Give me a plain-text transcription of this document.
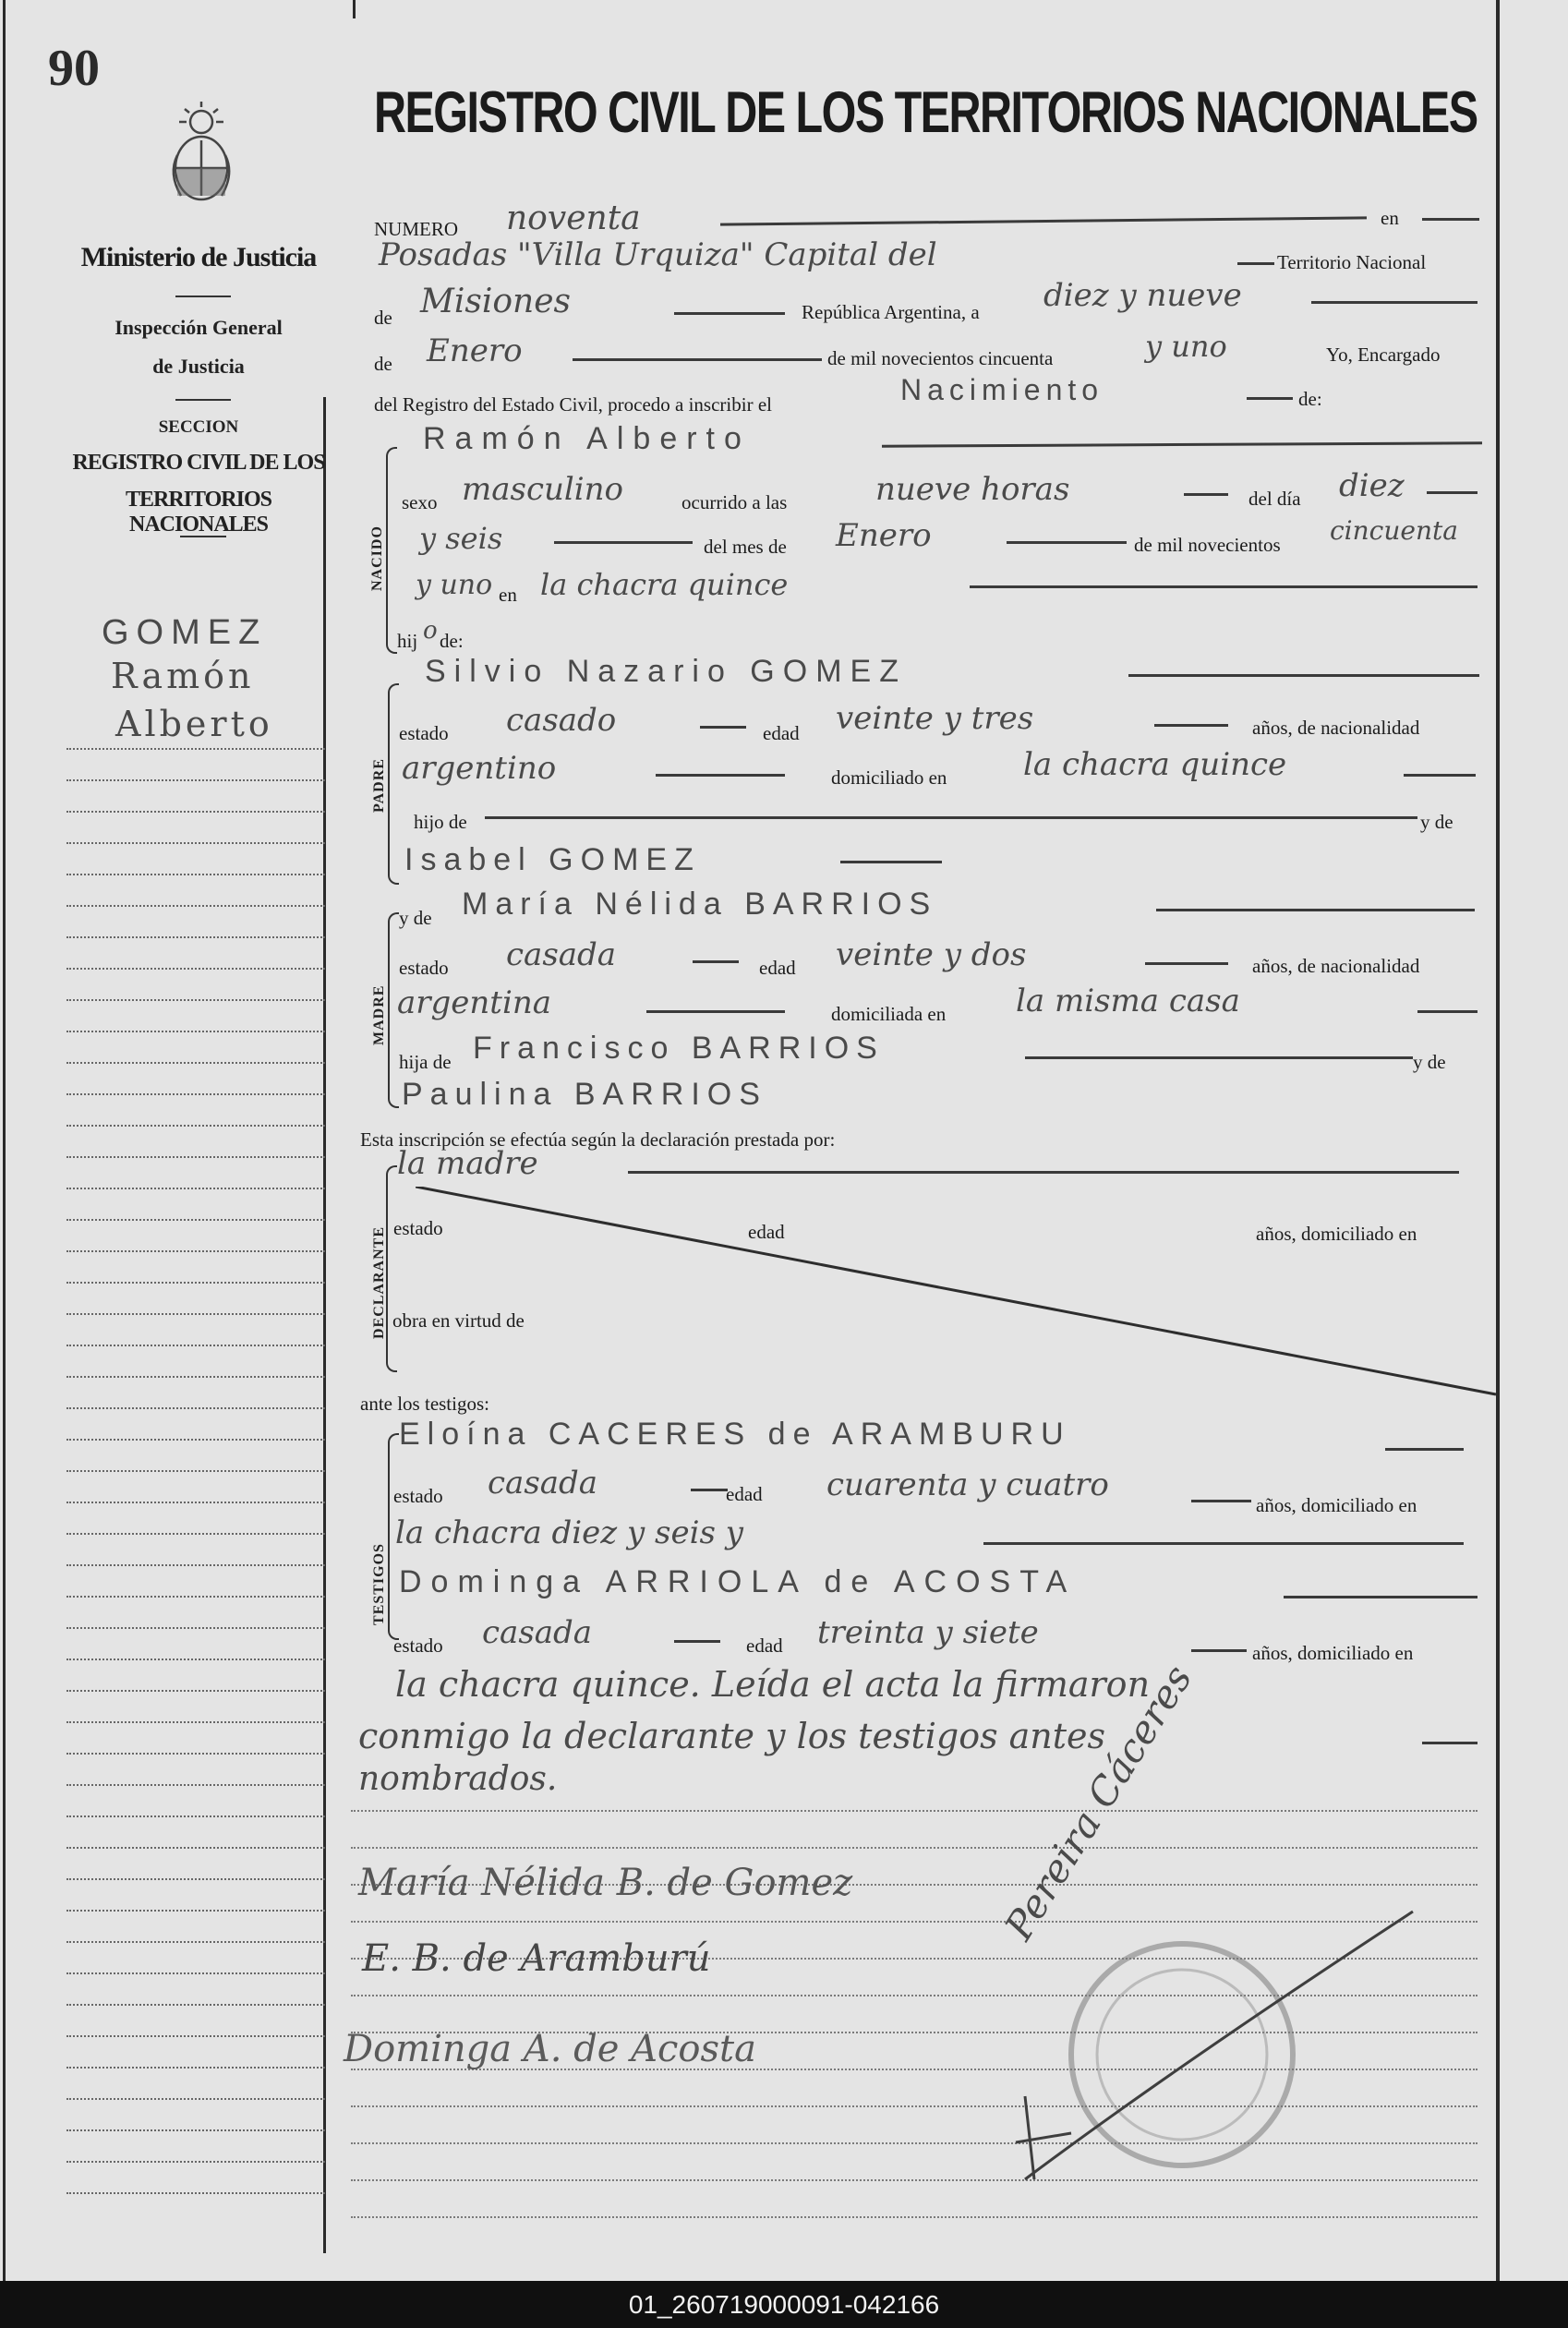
90
Ministerio de Justicia
Inspección General
de Justicia
SECCION
REGISTRO CIVIL DE LOS
TERRITORIOS NACIONALES
GOMEZ
Ramón
Alberto
REGISTRO CIVIL DE LOS TERRITORIOS NACIONALES
NUMERO noventa	en
Posadas "Villa Urquiza" Capital del	Territorio Nacional
de Misiones	República Argentina, a diez y nueve
de Enero	de mil novecientos cincuenta	y uno	Yo, Encargado
del Registro del Estado Civil, procedo a inscribir el	Nacimiento	de:
NACIDO
Ramón Alberto
sexo masculino	ocurrido a las	nueve horas	del día diez
y seis	del mes de Enero	de mil novecientos cincuenta
y uno en la chacra quince
hij o de:
PADRE
Silvio Nazario GOMEZ
estado casado	edad veinte y tres	años, de nacionalidad
argentino	domiciliado en la chacra quince
hijo de	y de
Isabel GOMEZ
MADRE
y de María Nélida BARRIOS
estado casada	edad veinte y dos	años, de nacionalidad
argentina	domiciliada en la misma casa
hija de Francisco BARRIOS	y de
Paulina BARRIOS
Esta inscripción se efectúa según la declaración prestada por:
DECLARANTE
la madre
estado	edad	años, domiciliado en
obra en virtud de
ante los testigos:
TESTIGOS
Eloína CACERES de ARAMBURU
estado casada	edad cuarenta y cuatro
años, domiciliado en
la chacra diez y seis y
Dominga ARRIOLA de ACOSTA
estado casada	edad treinta y siete
años, domiciliado en
la chacra quince. Leída el acta la firmaron
conmigo la declarante y los testigos antes
nombrados.
María Nélida B. de Gomez
E. B. de Aramburú
Dominga A. de Acosta
Pereira Cáceres
01_260719000091-042166
